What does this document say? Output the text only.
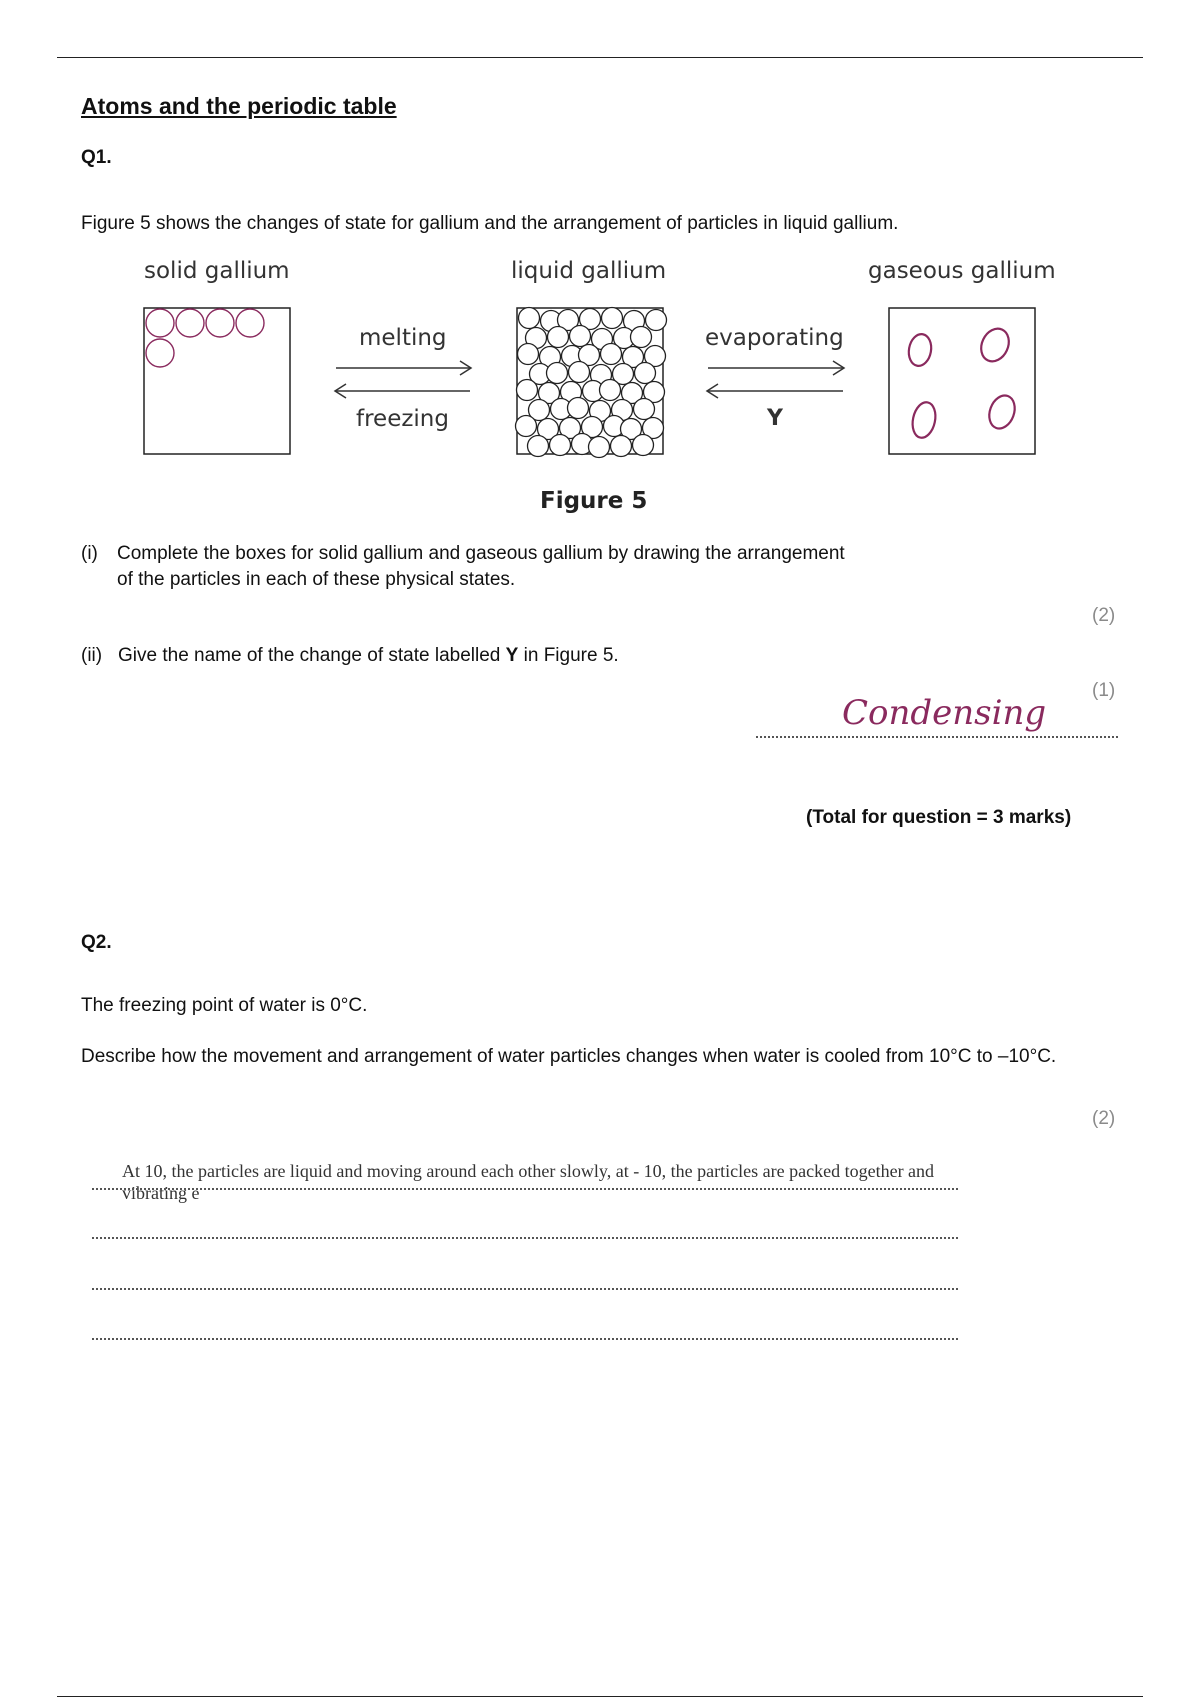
Atoms and the periodic table
Q1.
Figure 5 shows the changes of state for gallium and the arrangement of particles in liquid gallium.
solid gallium	liquid gallium	gaseous gallium
melting
freezing
evaporating
Y
Figure 5
(i) Complete the boxes for solid gallium and gaseous gallium by drawing the arrangement of the particles in each of these physical states.
(2)
(ii) Give the name of the change of state labelled Y in Figure 5.
(1)
Condensing
(Total for question = 3 marks)
Q2.
The freezing point of water is 0°C.
Describe how the movement and arrangement of water particles changes when water is cooled from 10°C to –10°C.
(2)
At 10, the particles are liquid and moving around each other slowly, at - 10, the particles are packed together and vibrating e
